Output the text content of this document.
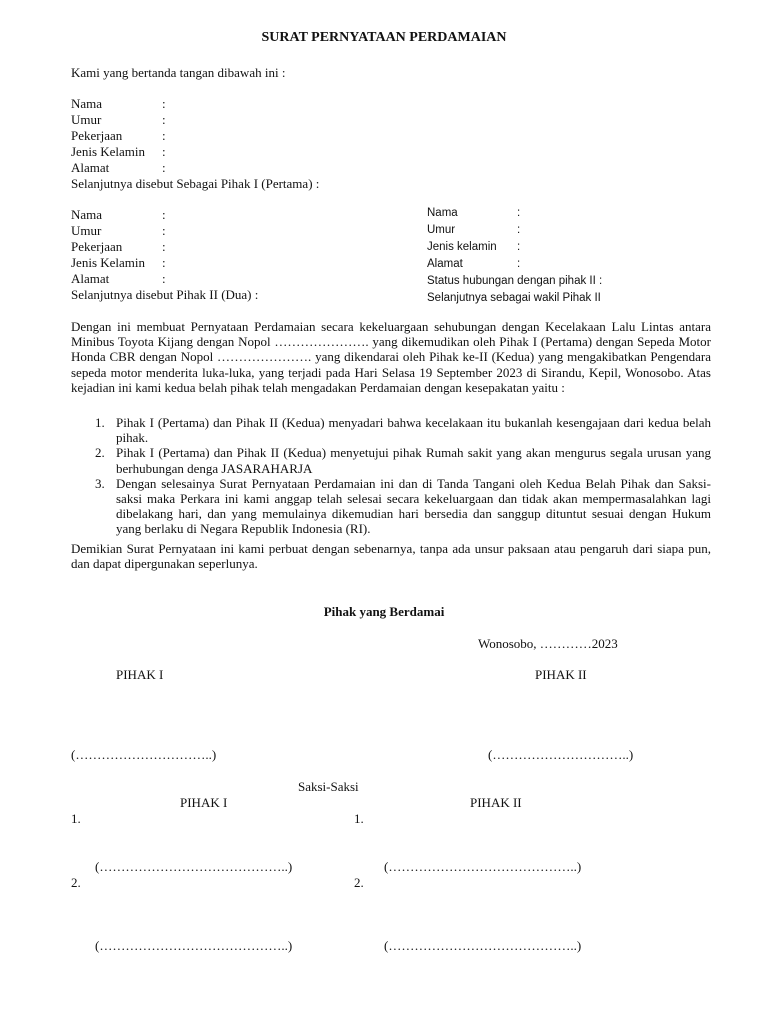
SURAT PERNYATAAN PERDAMAIAN
Kami yang bertanda tangan dibawah ini :
Nama	:
Umur	:
Pekerjaan	:
Jenis Kelamin :
Alamat	:
Selanjutnya disebut Sebagai Pihak I (Pertama) :
Nama	:
Umur	:
Pekerjaan	:
Jenis Kelamin :
Alamat	:
Selanjutnya disebut Pihak II (Dua) :
Nama	:
Umur	:
Jenis kelamin :
Alamat	:
Status hubungan dengan pihak II :
Selanjutnya sebagai wakil Pihak II
Dengan ini membuat Pernyataan Perdamaian secara kekeluargaan sehubungan dengan Kecelakaan Lalu Lintas antara Minibus Toyota Kijang dengan Nopol …………………. yang dikemudikan oleh Pihak I (Pertama) dengan Sepeda Motor Honda CBR dengan Nopol …………………. yang dikendarai oleh Pihak ke-II (Kedua) yang mengakibatkan Pengendara sepeda motor menderita luka-luka, yang terjadi pada Hari Selasa 19 September 2023 di Sirandu, Kepil, Wonosobo. Atas kejadian ini kami kedua belah pihak telah mengadakan Perdamaian dengan kesepakatan yaitu :
1. Pihak I (Pertama) dan Pihak II (Kedua) menyadari bahwa kecelakaan itu bukanlah kesengajaan dari kedua belah pihak.
2. Pihak I (Pertama) dan Pihak II (Kedua) menyetujui pihak Rumah sakit yang akan mengurus segala urusan yang berhubungan denga JASARAHARJA
3. Dengan selesainya Surat Pernyataan Perdamaian ini dan di Tanda Tangani oleh Kedua Belah Pihak dan Saksi-saksi maka Perkara ini kami anggap telah selesai secara kekeluargaan dan tidak akan mempermasalahkan lagi dibelakang hari, dan yang memulainya dikemudian hari bersedia dan sanggup dituntut sesuai dengan Hukum yang berlaku di Negara Republik Indonesia (RI).
Demikian Surat Pernyataan ini kami perbuat dengan sebenarnya, tanpa ada unsur paksaan atau pengaruh dari siapa pun, dan dapat dipergunakan seperlunya.
Pihak yang Berdamai
Wonosobo, …………2023
PIHAK I	PIHAK II
(…………………………..)	(…………………………..)
Saksi-Saksi
PIHAK I	PIHAK II
1.	1.
(……………………………………..)	(……………………………………..)
2.	2.
(……………………………………..)	(……………………………………..)
